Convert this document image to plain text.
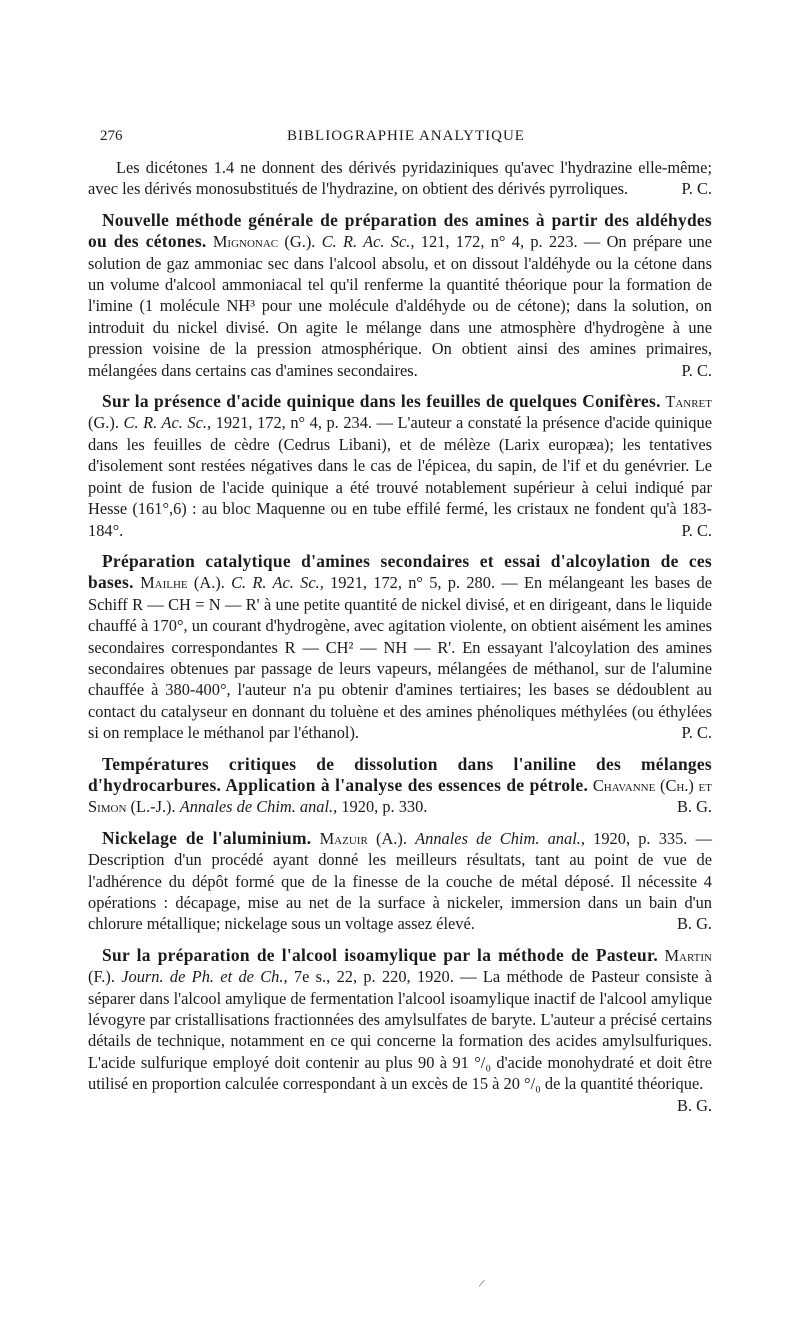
276	BIBLIOGRAPHIE ANALYTIQUE

Les dicétones 1.4 ne donnent des dérivés pyridaziniques qu'avec l'hydrazine elle-même; avec les dérivés monosubstitués de l'hydrazine, on obtient des dérivés pyrroliques.	P. C.

Nouvelle méthode générale de préparation des amines à partir des aldéhydes ou des cétones. Mignonac (G.). C. R. Ac. Sc., 121, 172, n° 4, p. 223. — On prépare une solution de gaz ammoniac sec dans l'alcool absolu, et on dissout l'aldéhyde ou la cétone dans un volume d'alcool ammoniacal tel qu'il renferme la quantité théorique pour la formation de l'imine (1 molécule NH³ pour une molécule d'aldéhyde ou de cétone); dans la solution, on introduit du nickel divisé. On agite le mélange dans une atmosphère d'hydrogène à une pression voisine de la pression atmosphérique. On obtient ainsi des amines primaires, mélangées dans certains cas d'amines secondaires.	P. C.

Sur la présence d'acide quinique dans les feuilles de quelques Conifères. Tanret (G.). C. R. Ac. Sc., 1921, 172, n° 4, p. 234. — L'auteur a constaté la présence d'acide quinique dans les feuilles de cèdre (Cedrus Libani), et de mélèze (Larix europæa); les tentatives d'isolement sont restées négatives dans le cas de l'épicea, du sapin, de l'if et du genévrier. Le point de fusion de l'acide quinique a été trouvé notablement supérieur à celui indiqué par Hesse (161°,6) : au bloc Maquenne ou en tube effilé fermé, les cristaux ne fondent qu'à 183-184°.	P. C.

Préparation catalytique d'amines secondaires et essai d'alcoylation de ces bases. Mailhe (A.). C. R. Ac. Sc., 1921, 172, n° 5, p. 280. — En mélangeant les bases de Schiff R — CH = N — R' à une petite quantité de nickel divisé, et en dirigeant, dans le liquide chauffé à 170°, un courant d'hydrogène, avec agitation violente, on obtient aisément les amines secondaires correspondantes R — CH² — NH — R'. En essayant l'alcoylation des amines secondaires obtenues par passage de leurs vapeurs, mélangées de méthanol, sur de l'alumine chauffée à 380-400°, l'auteur n'a pu obtenir d'amines tertiaires; les bases se dédoublent au contact du catalyseur en donnant du toluène et des amines phénoliques méthylées (ou éthylées si on remplace le méthanol par l'éthanol).	P. C.

Températures critiques de dissolution dans l'aniline des mélanges d'hydrocarbures. Application à l'analyse des essences de pétrole. Chavanne (Ch.) et Simon (L.-J.). Annales de Chim. anal., 1920, p. 330.	B. G.

Nickelage de l'aluminium. Mazuir (A.). Annales de Chim. anal., 1920, p. 335. — Description d'un procédé ayant donné les meilleurs résultats, tant au point de vue de l'adhérence du dépôt formé que de la finesse de la couche de métal déposé. Il nécessite 4 opérations : décapage, mise au net de la surface à nickeler, immersion dans un bain d'un chlorure métallique; nickelage sous un voltage assez élevé.	B. G.

Sur la préparation de l'alcool isoamylique par la méthode de Pasteur. Martin (F.). Journ. de Ph. et de Ch., 7e s., 22, p. 220, 1920. — La méthode de Pasteur consiste à séparer dans l'alcool amylique de fermentation l'alcool isoamylique inactif de l'alcool amylique lévogyre par cristallisations fractionnées des amylsulfates de baryte. L'auteur a précisé certains détails de technique, notamment en ce qui concerne la formation des acides amylsulfuriques. L'acide sulfurique employé doit contenir au plus 90 à 91 °/₀ d'acide monohydraté et doit être utilisé en proportion calculée correspondant à un excès de 15 à 20 °/₀ de la quantité théorique.
B. G.

/
